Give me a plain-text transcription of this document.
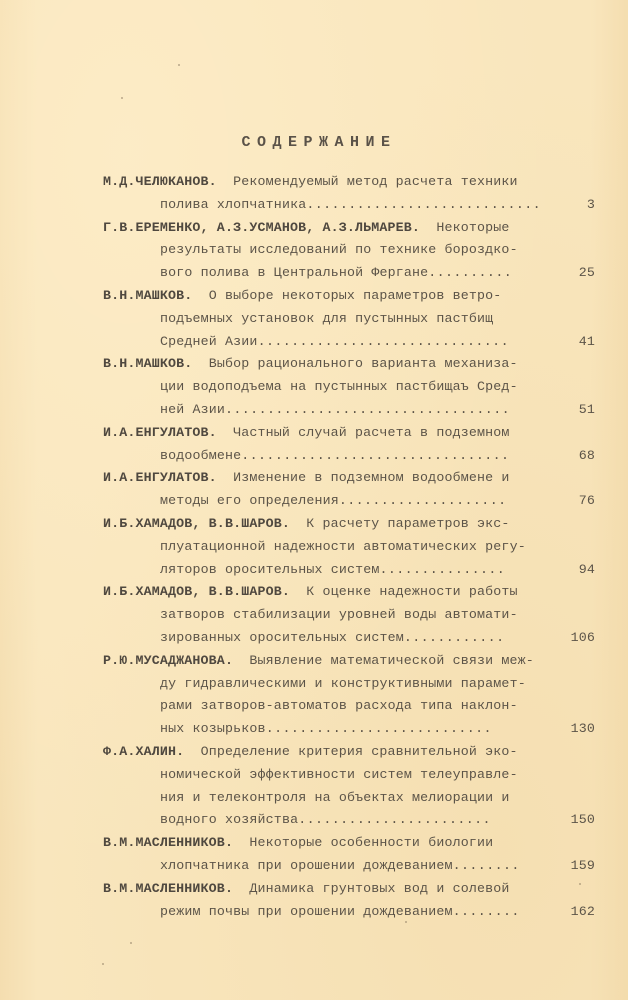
СОДЕРЖАНИЕ
М.Д.ЧЕЛЮКАНОВ. Рекомендуемый метод расчета техники
полива хлопчатника............................	3
Г.В.ЕРЕМЕНКО, А.З.УСМАНОВ, А.З.ЛЬМАРЕВ. Некоторые
результаты исследований по технике бороздко-
вого полива в Центральной Фергане..........	25
В.Н.МАШКОВ. О выборе некоторых параметров ветро-
подъемных установок для пустынных пастбищ
Средней Азии..............................	41
В.Н.МАШКОВ. Выбор рационального варианта механиза-
ции водоподъема на пустынных пастбищаъ Сред-
ней Азии..................................	51
И.А.ЕНГУЛАТОВ. Частный случай расчета в подземном
водообмене................................	68
И.А.ЕНГУЛАТОВ. Изменение в подземном водообмене и
методы его определения....................	76
И.Б.ХАМАДОВ, В.В.ШАРОВ. К расчету параметров экс-
плуатационной надежности автоматических регу-
ляторов оросительных систем...............	94
И.Б.ХАМАДОВ, В.В.ШАРОВ. К оценке надежности работы
затворов стабилизации уровней воды автомати-
зированных оросительных систем............	106
Р.Ю.МУСАДЖАНОВА. Выявление математической связи меж-
ду гидравлическими и конструктивными парамет-
рами затворов-автоматов расхода типа наклон-
ных козырьков...........................	130
Ф.А.ХАЛИН. Определение критерия сравнительной эко-
номической эффективности систем телеуправле-
ния и телеконтроля на объектах мелиорации и
водного хозяйства.......................	150
В.М.МАСЛЕННИКОВ. Некоторые особенности биологии
хлопчатника при орошении дождеванием........	159
В.М.МАСЛЕННИКОВ. Динамика грунтовых вод и солевой
режим почвы при орошении дождеванием........	162
